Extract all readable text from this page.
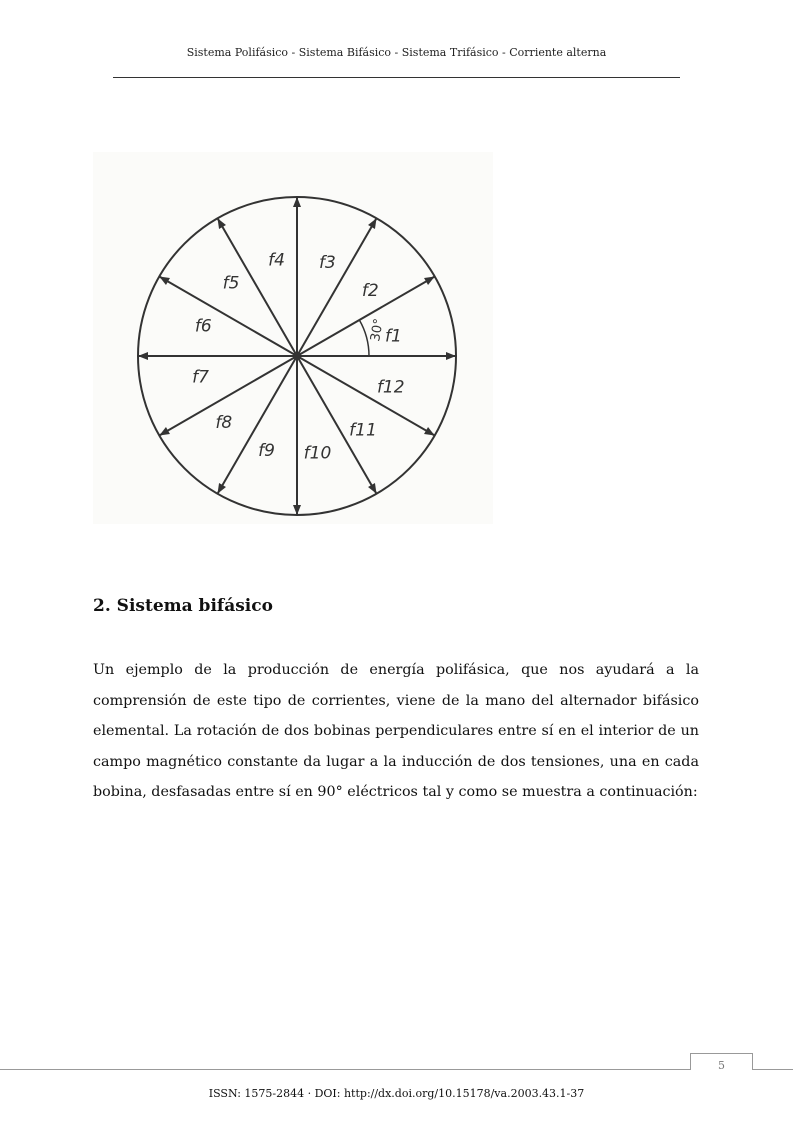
Sistema Polifásico - Sistema Bifásico - Sistema Trifásico - Corriente alterna
f1
f2
f3
f4
f5
f6
f7
f8
f9 f10
f11
f12
30°
2. Sistema bifásico
Un ejemplo de la producción de energía polifásica, que nos ayudará a la comprensión de este tipo de corrientes, viene de la mano del alternador bifásico elemental. La rotación de dos bobinas perpendiculares entre sí en el interior de un campo magnético constante da lugar a la inducción de dos tensiones, una en cada bobina, desfasadas entre sí en 90° eléctricos tal y como se muestra a continuación:
5
ISSN: 1575-2844 · DOI: http://dx.doi.org/10.15178/va.2003.43.1-37
